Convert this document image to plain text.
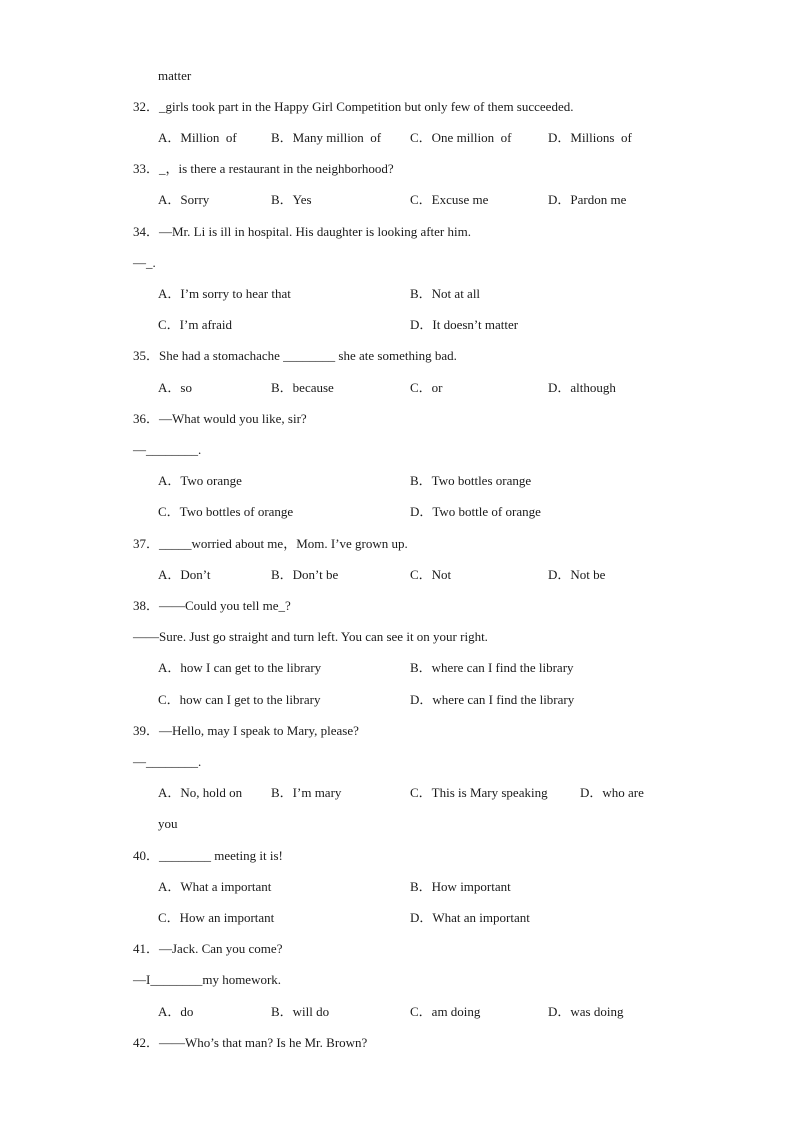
matter
32．_girls took part in the Happy Girl Competition but only few of them succeeded.
A．Million  of	B．Many million  of C．One million  of	D．Millions  of
33．_，is there a restaurant in the neighborhood?
A．Sorry	B．Yes	C．Excuse me	D．Pardon me
34．—Mr. Li is ill in hospital. His daughter is looking after him.
—_.
A．I’m sorry to hear that	B．Not at all
C．I’m afraid	D．It doesn’t matter
35．She had a stomachache ________ she ate something bad.
A．so	B．because	C．or	D．although
36．—What would you like, sir?
—________.
A．Two orange	B．Two bottles orange
C．Two bottles of orange	D．Two bottle of orange
37．_____worried about me，Mom. I’ve grown up.
A．Don’t	B．Don’t be	C．Not	D．Not be
38．——Could you tell me_?
——Sure. Just go straight and turn left. You can see it on your right.
A．how I can get to the library	B．where can I find the library
C．how can I get to the library	D．where can I find the library
39．—Hello, may I speak to Mary, please?
—________.
A．No, hold on B．I’m mary	C．This is Mary speaking D．who are
you
40．________ meeting it is!
A．What a important	B．How important
C．How an important	D．What an important
41．—Jack. Can you come?
—I________my homework.
A．do	B．will do	C．am doing	D．was doing
42．——Who’s that man? Is he Mr. Brown?
